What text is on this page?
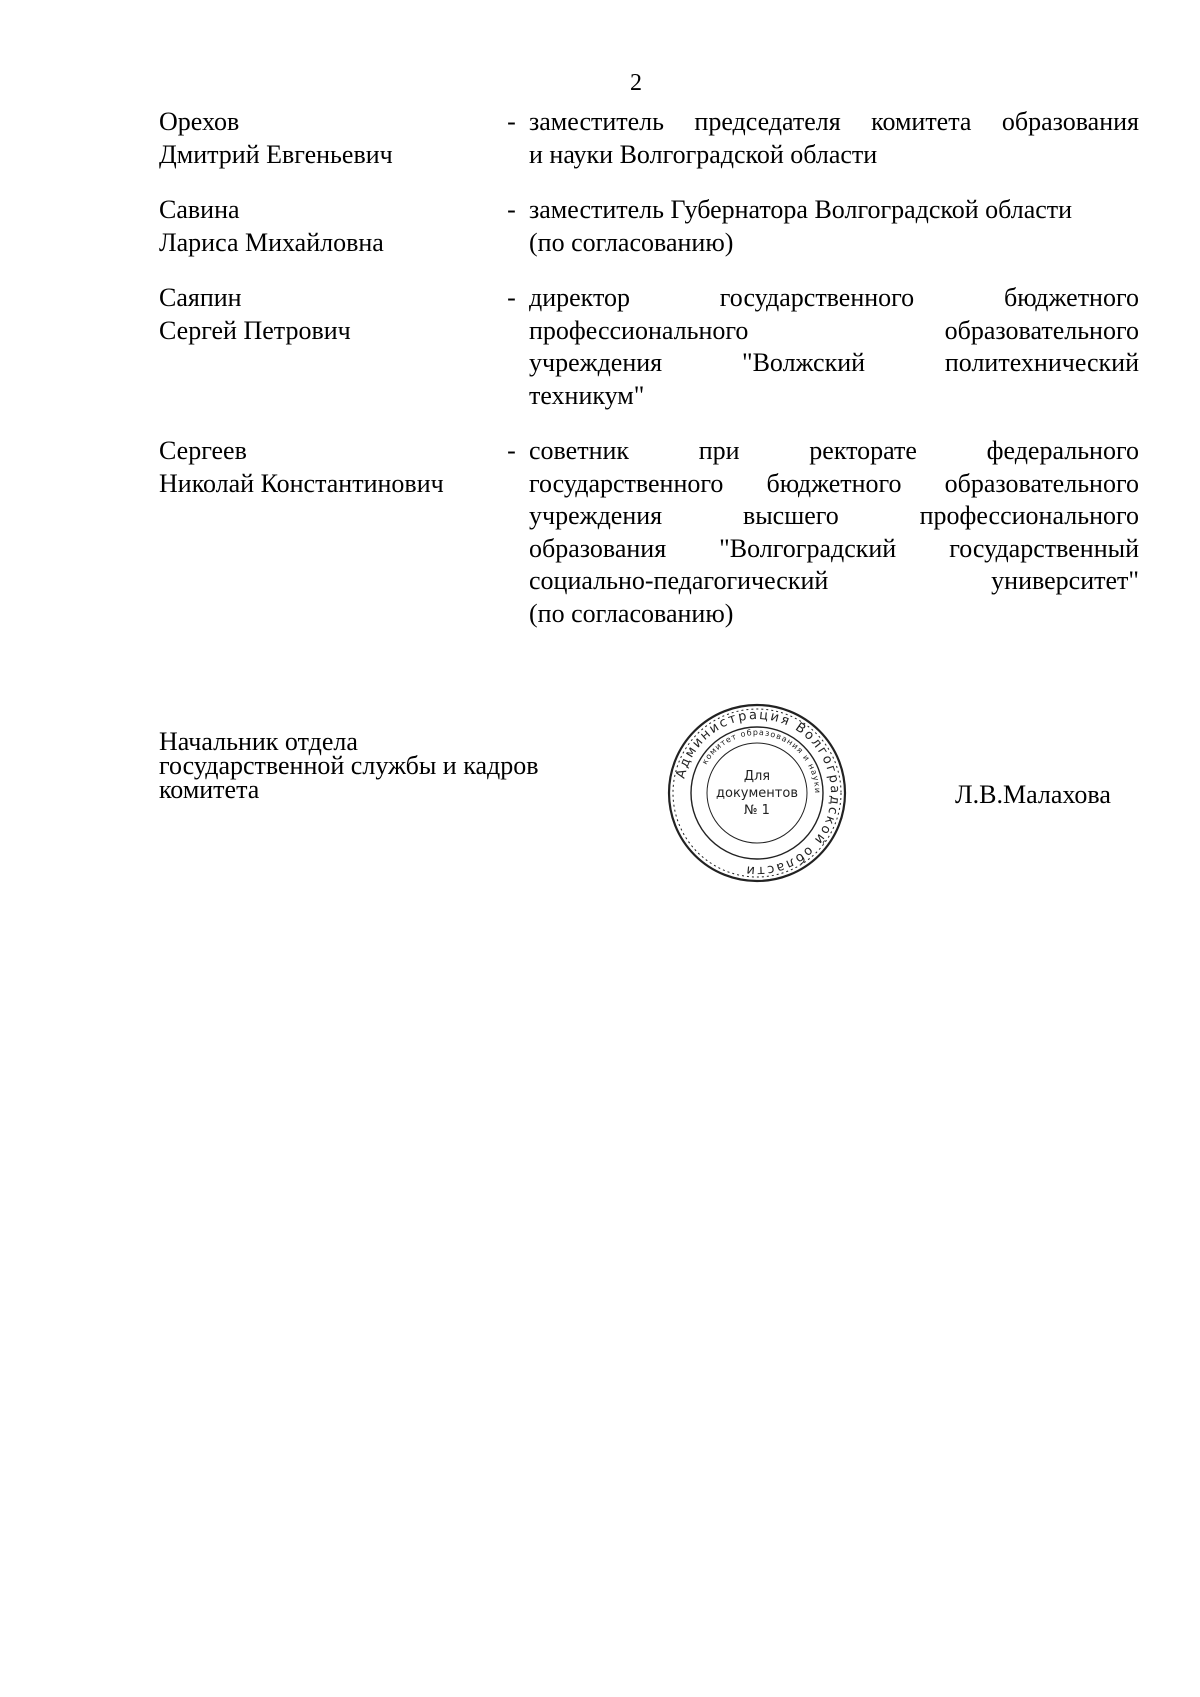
2
Орехов
Дмитрий Евгеньевич
- заместитель председателя комитета образования
и науки Волгоградской области
Савина
Лариса Михайловна
- заместитель Губернатора Волгоградской области
(по согласованию)
Саяпин
Сергей Петрович
- директор государственного бюджетного
профессионального образовательного
учреждения "Волжский политехнический
техникум"
Сергеев
Николай Константинович
- советник при ректорате федерального
государственного бюджетного образовательного
учреждения высшего профессионального
образования "Волгоградский государственный
социально-педагогический университет"
(по согласованию)
Начальник отдела
государственной службы и кадров
комитета
Администрация Волгоградской области
комитет образования и науки
Для
документов
№ 1
Л.В.Малахова
